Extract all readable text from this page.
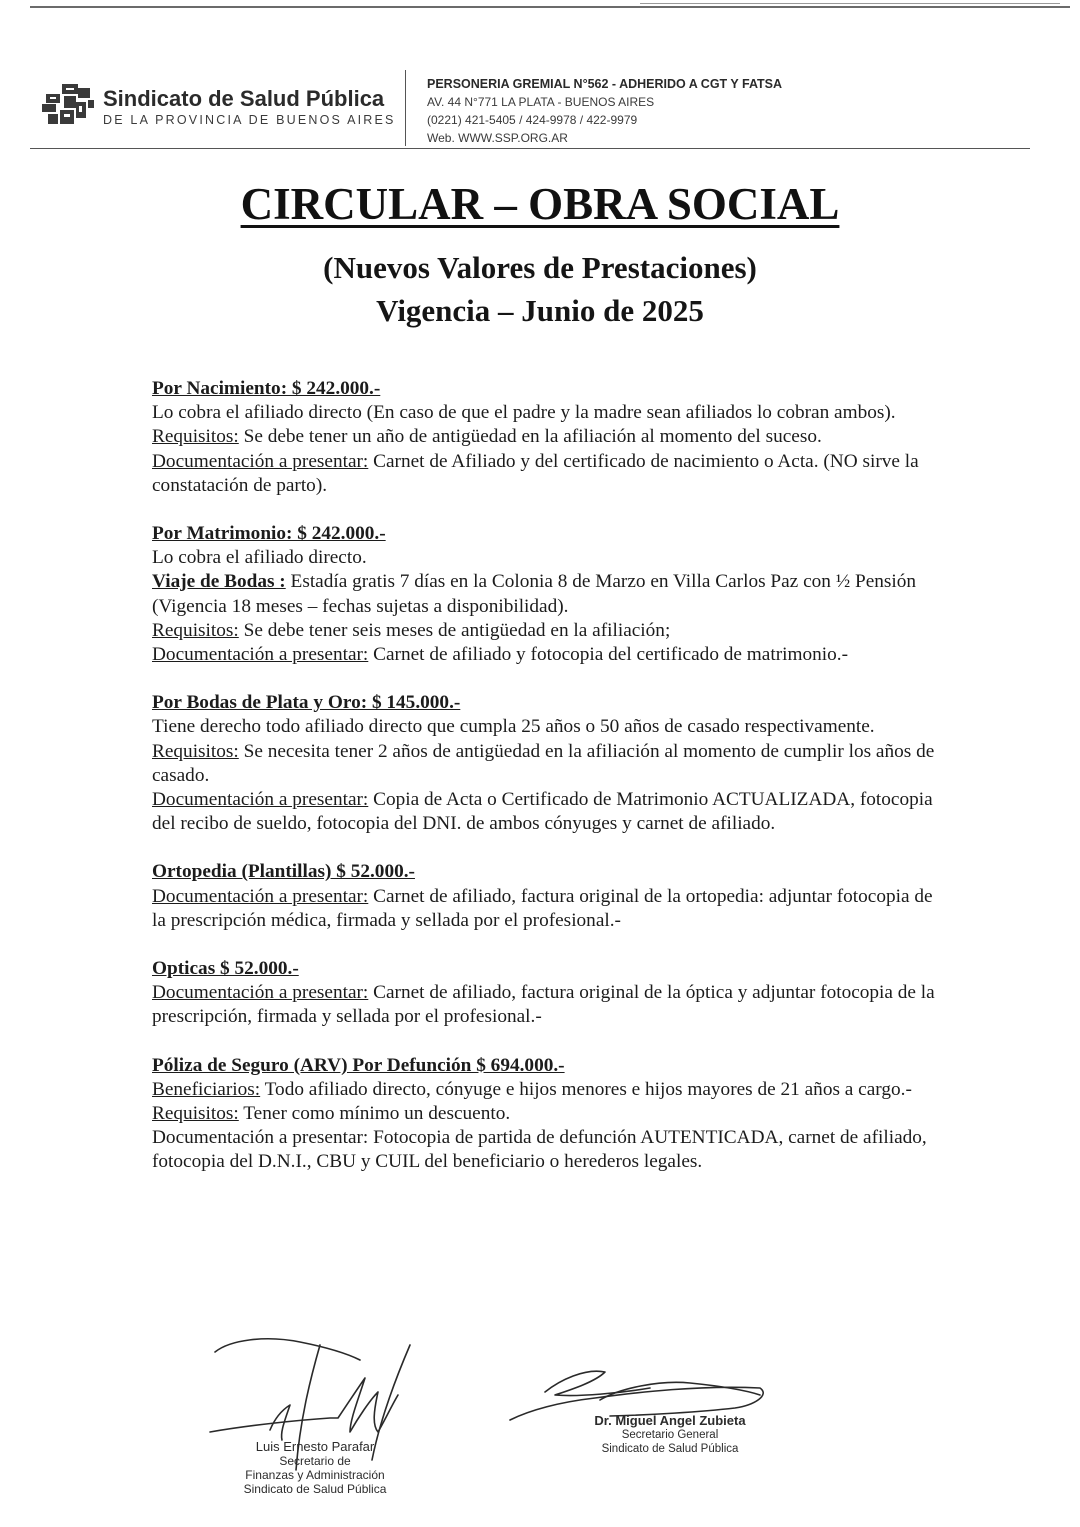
Sindicato de Salud Pública
DE LA PROVINCIA DE BUENOS AIRES
PERSONERIA GREMIAL N°562 - ADHERIDO A CGT Y FATSA
AV. 44 N°771 LA PLATA - BUENOS AIRES
(0221) 421-5405 / 424-9978 / 422-9979
Web. WWW.SSP.ORG.AR
CIRCULAR – OBRA SOCIAL
(Nuevos Valores de Prestaciones)
Vigencia – Junio de 2025
Por Nacimiento: $ 242.000.-

Lo cobra el afiliado directo (En caso de que el padre y la madre sean afiliados lo cobran ambos).

Requisitos: Se debe tener un año de antigüedad en la afiliación al momento del suceso.

Documentación a presentar: Carnet de Afiliado y del certificado de nacimiento o Acta. (NO sirve la constatación de parto).

Por Matrimonio: $ 242.000.-

Lo cobra el afiliado directo.

Viaje de Bodas : Estadía gratis 7 días en la Colonia 8 de Marzo en Villa Carlos Paz con ½ Pensión (Vigencia 18 meses – fechas sujetas a disponibilidad).

Requisitos: Se debe tener seis meses de antigüedad en la afiliación;

Documentación a presentar: Carnet de afiliado y fotocopia del certificado de matrimonio.-

Por Bodas de Plata y Oro: $ 145.000.-

Tiene derecho todo afiliado directo que cumpla 25 años o 50 años de casado respectivamente.

Requisitos: Se necesita tener 2 años de antigüedad en la afiliación al momento de cumplir los años de casado.

Documentación a presentar: Copia de Acta o Certificado de Matrimonio ACTUALIZADA, fotocopia del recibo de sueldo, fotocopia del DNI. de ambos cónyuges y carnet de afiliado.

Ortopedia (Plantillas) $ 52.000.-

Documentación a presentar: Carnet de afiliado, factura original de la ortopedia: adjuntar fotocopia de la prescripción médica, firmada y sellada por el profesional.-

Opticas $ 52.000.-

Documentación a presentar: Carnet de afiliado, factura original de la óptica y adjuntar fotocopia de la prescripción, firmada y sellada por el profesional.-

Póliza de Seguro (ARV) Por Defunción $ 694.000.-

Beneficiarios: Todo afiliado directo, cónyuge e hijos menores e hijos mayores de 21 años a cargo.-

Requisitos: Tener como mínimo un descuento.

Documentación a presentar: Fotocopia de partida de defunción AUTENTICADA, carnet de afiliado, fotocopia del D.N.I., CBU y CUIL del beneficiario o herederos legales.

Luis Ernesto Parafar
Secretario de
Finanzas y Administración
Sindicato de Salud Pública
Dr. Miguel Angel Zubieta
Secretario General
Sindicato de Salud Pública
